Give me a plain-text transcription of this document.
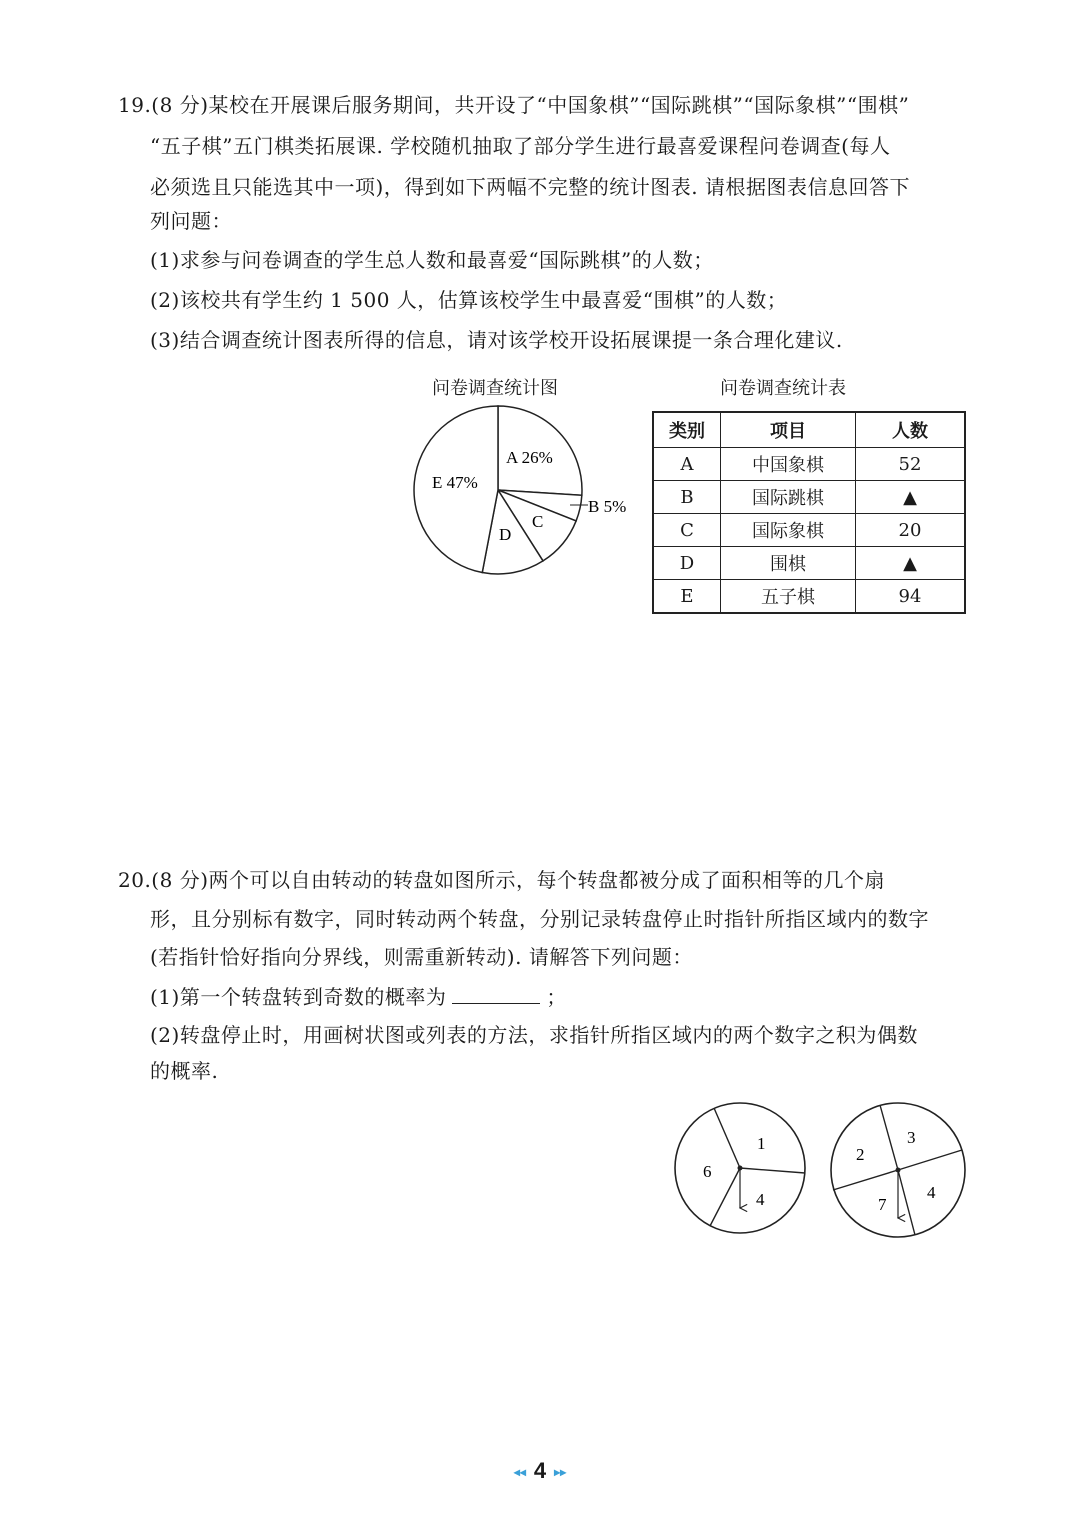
19.(8 分)某校在开展课后服务期间，共开设了“中国象棋”“国际跳棋”“国际象棋”“围棋”
“五子棋”五门棋类拓展课. 学校随机抽取了部分学生进行最喜爱课程问卷调查(每人
必须选且只能选其中一项)，得到如下两幅不完整的统计图表. 请根据图表信息回答下
列问题：
(1)求参与问卷调查的学生总人数和最喜爱“国际跳棋”的人数；
(2)该校共有学生约 1 500 人，估算该校学生中最喜爱“围棋”的人数；
(3)结合调查统计图表所得的信息，请对该学校开设拓展课提一条合理化建议.
问卷调查统计图	问卷调查统计表
A 26%
B 5%
C
D
E 47%
类别	项目	人数
A	中国象棋	52
B	国际跳棋	▲
C	国际象棋	20
D	围棋	▲
E	五子棋	94
20.(8 分)两个可以自由转动的转盘如图所示，每个转盘都被分成了面积相等的几个扇
形，且分别标有数字，同时转动两个转盘，分别记录转盘停止时指针所指区域内的数字
(若指针恰好指向分界线，则需重新转动). 请解答下列问题：
(1)第一个转盘转到奇数的概率为	；
(2)转盘停止时，用画树状图或列表的方法，求指针所指区域内的两个数字之积为偶数
的概率.
1
4
6
3
4
7
2
◂◂ 4 ▸▸
